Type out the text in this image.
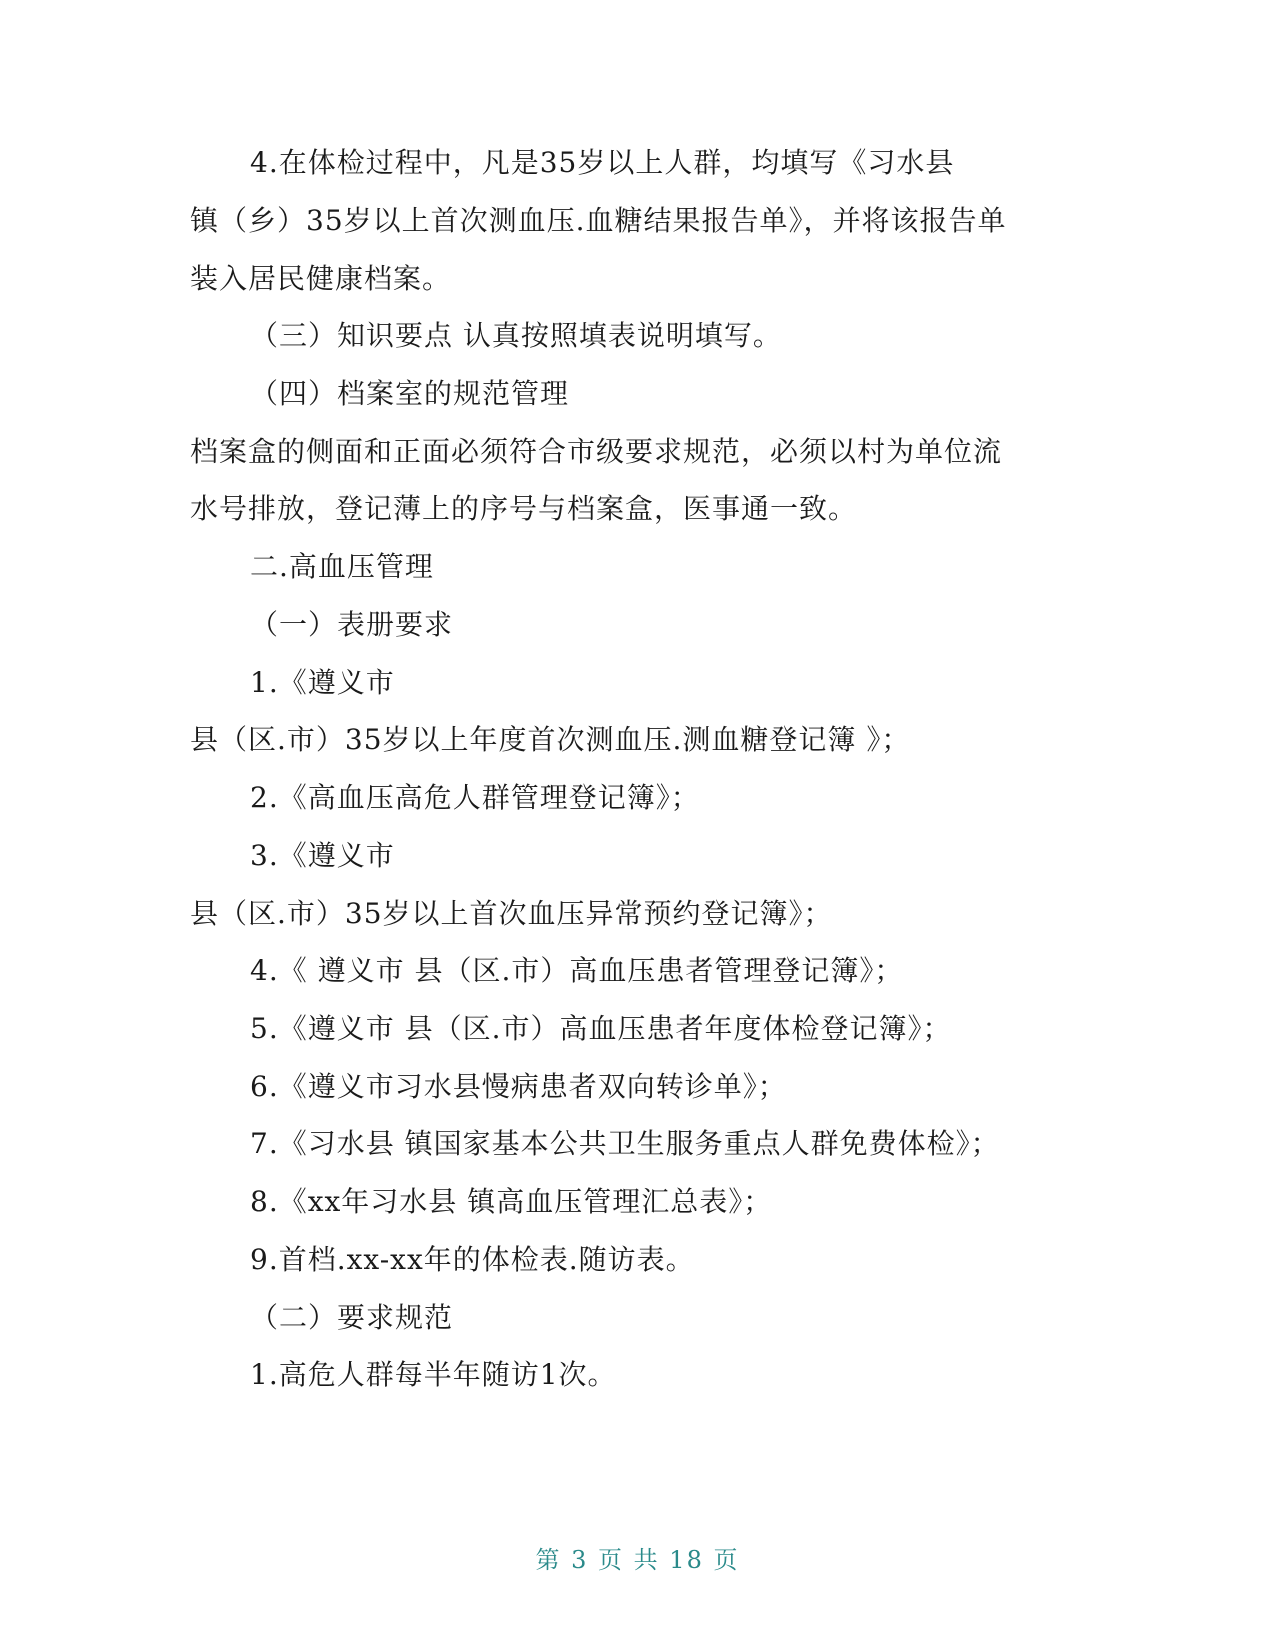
4.在体检过程中，凡是35岁以上人群，均填写《习水县
镇（乡）35岁以上首次测血压.血糖结果报告单》，并将该报告单
装入居民健康档案。
（三）知识要点 认真按照填表说明填写。
（四）档案室的规范管理
档案盒的侧面和正面必须符合市级要求规范，必须以村为单位流
水号排放，登记薄上的序号与档案盒，医事通一致。
二.高血压管理
（一）表册要求
1.《遵义市
县（区.市）35岁以上年度首次测血压.测血糖登记簿 》；
2.《高血压高危人群管理登记簿》；
3.《遵义市
县（区.市）35岁以上首次血压异常预约登记簿》；
4.《 遵义市 县（区.市）高血压患者管理登记簿》；
5.《遵义市 县（区.市）高血压患者年度体检登记簿》；
6.《遵义市习水县慢病患者双向转诊单》；
7.《习水县 镇国家基本公共卫生服务重点人群免费体检》；
8.《xx年习水县 镇高血压管理汇总表》；
9.首档.xx-xx年的体检表.随访表。
（二）要求规范
1.高危人群每半年随访1次。
第 3 页 共 18 页
